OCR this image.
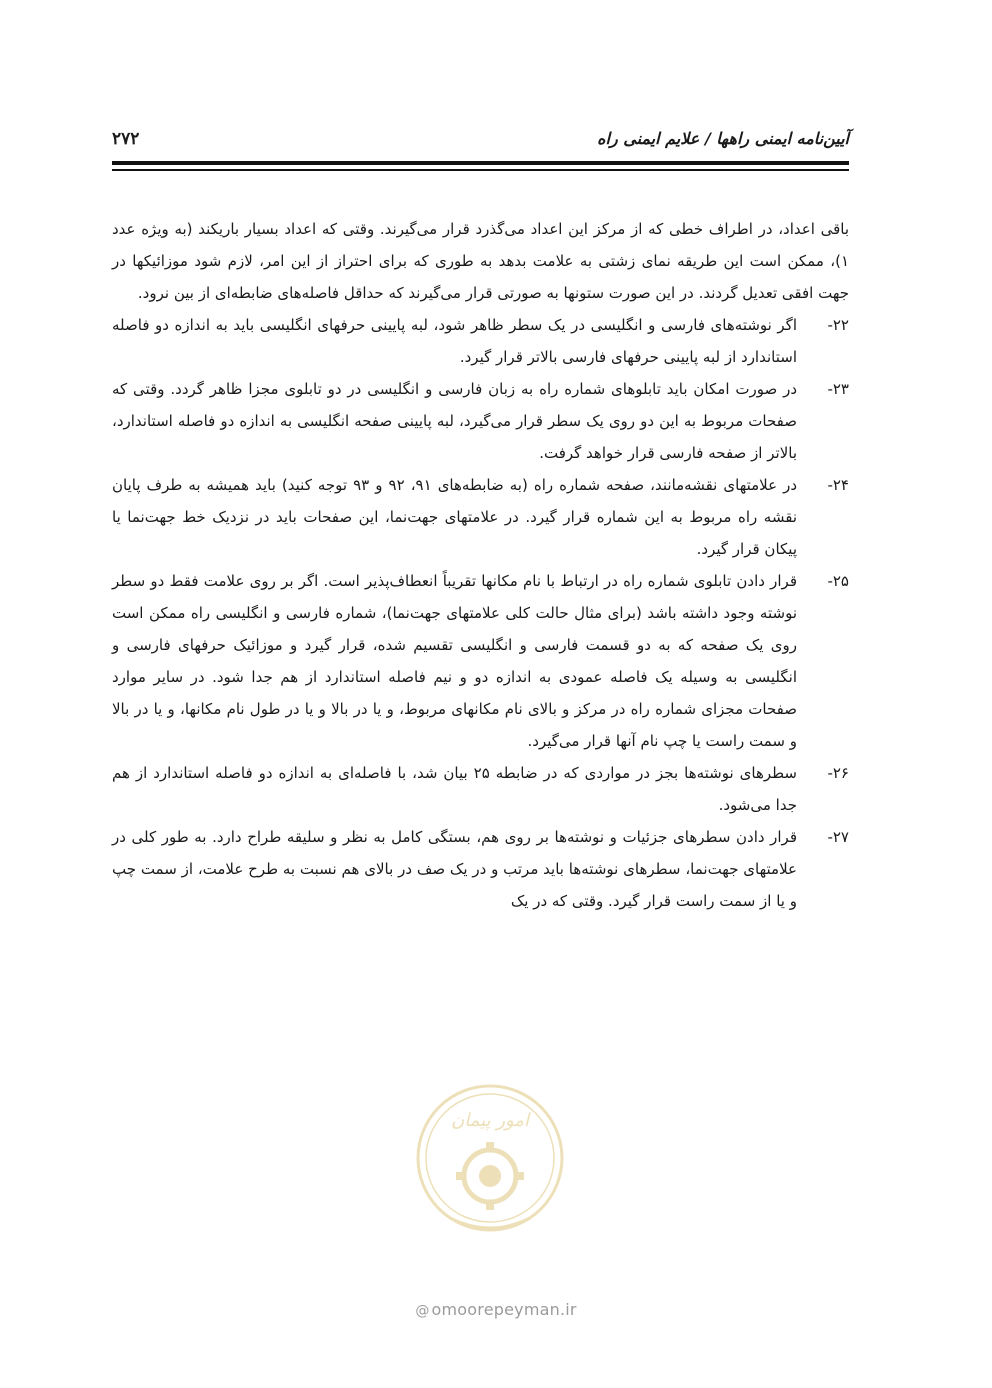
آیین‌نامه ایمنی راهها / علایم ایمنی راه
۲۷۲

باقی اعداد، در اطراف خطی که از مرکز این اعداد می‌گذرد قرار می‌گیرند. وقتی که اعداد بسیار باریکند (به ویژه عدد ۱)، ممکن است این طریقه نمای زشتی به علامت بدهد به طوری که برای احتراز از این امر، لازم شود موزائیکها در جهت افقی تعدیل گردند. در این صورت ستونها به صورتی قرار می‌گیرند که حداقل فاصله‌های ضابطه‌ای از بین نرود.

۲۲-
اگر نوشته‌های فارسی و انگلیسی در یک سطر ظاهر شود، لبه پایینی حرفهای انگلیسی باید به اندازه دو فاصله استاندارد از لبه پایینی حرفهای فارسی بالاتر قرار گیرد.
۲۳-
در صورت امکان باید تابلوهای شماره راه به زبان فارسی و انگلیسی در دو تابلوی مجزا ظاهر گردد. وقتی که صفحات مربوط به این دو روی یک سطر قرار می‌گیرد، لبه پایینی صفحه انگلیسی به اندازه دو فاصله استاندارد، بالاتر از صفحه فارسی قرار خواهد گرفت.
۲۴-
در علامتهای نقشه‌مانند، صفحه شماره راه (به ضابطه‌های ۹۱، ۹۲ و ۹۳ توجه کنید) باید همیشه به طرف پایان نقشه راه مربوط به این شماره قرار گیرد. در علامتهای جهت‌نما، این صفحات باید در نزدیک خط جهت‌نما یا پیکان قرار گیرد.
۲۵-
قرار دادن تابلوی شماره راه در ارتباط با نام مکانها تقریباً انعطاف‌پذیر است. اگر بر روی علامت فقط دو سطر نوشته وجود داشته باشد (برای مثال حالت کلی علامتهای جهت‌نما)، شماره فارسی و انگلیسی راه ممکن است روی یک صفحه که به دو قسمت فارسی و انگلیسی تقسیم شده، قرار گیرد و موزائیک حرفهای فارسی و انگلیسی به وسیله یک فاصله عمودی به اندازه دو و نیم فاصله استاندارد از هم جدا شود. در سایر موارد صفحات مجزای شماره راه در مرکز و بالای نام مکانهای مربوط، و یا در بالا و یا در طول نام مکانها، و یا در بالا و سمت راست یا چپ نام آنها قرار می‌گیرد.
۲۶-
سطرهای نوشته‌ها بجز در مواردی که در ضابطه ۲۵ بیان شد، با فاصله‌ای به اندازه دو فاصله استاندارد از هم جدا می‌شود.
۲۷-
قرار دادن سطرهای جزئیات و نوشته‌ها بر روی هم، بستگی کامل به نظر و سلیقه طراح دارد. به طور کلی در علامتهای جهت‌نما، سطرهای نوشته‌ها باید مرتب و در یک صف در بالای هم نسبت به طرح علامت، از سمت چپ و یا از سمت راست قرار گیرد. وقتی که در یک
امور پیمان
@ omoorepeyman.ir
